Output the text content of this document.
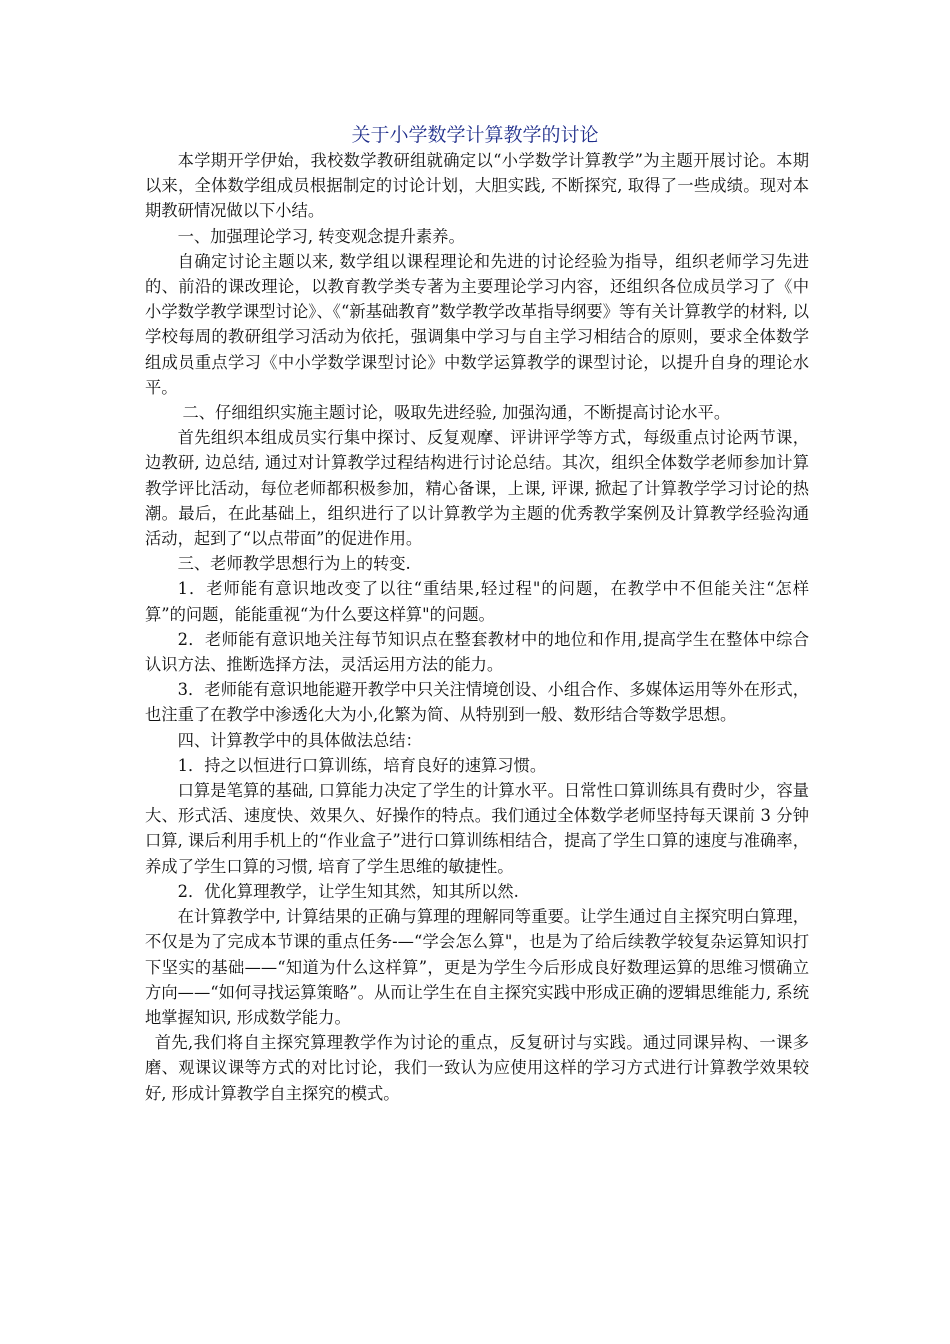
关于小学数学计算教学的讨论

本学期开学伊始，我校数学教研组就确定以“小学数学计算教学”为主题开展讨论。本期以来，全体数学组成员根据制定的讨论计划，大胆实践, 不断探究, 取得了一些成绩。现对本期教研情况做以下小结。

一、加强理论学习, 转变观念提升素养。

自确定讨论主题以来, 数学组以课程理论和先进的讨论经验为指导，组织老师学习先进的、前沿的课改理论，以教育教学类专著为主要理论学习内容，还组织各位成员学习了《中小学数学教学课型讨论》、《“新基础教育”数学教学改革指导纲要》等有关计算教学的材料, 以学校每周的教研组学习活动为依托，强调集中学习与自主学习相结合的原则，要求全体数学组成员重点学习《中小学数学课型讨论》中数学运算教学的课型讨论，以提升自身的理论水平。

二、仔细组织实施主题讨论，吸取先进经验, 加强沟通，不断提高讨论水平。

首先组织本组成员实行集中探讨、反复观摩、评讲评学等方式，每级重点讨论两节课，边教研, 边总结, 通过对计算教学过程结构进行讨论总结。其次，组织全体数学老师参加计算教学评比活动，每位老师都积极参加，精心备课，上课, 评课, 掀起了计算教学学习讨论的热潮。最后，在此基础上，组织进行了以计算教学为主题的优秀教学案例及计算教学经验沟通活动，起到了“以点带面”的促进作用。

三、老师教学思想行为上的转变.

1．老师能有意识地改变了以往“重结果,轻过程"的问题，在教学中不但能关注“怎样算”的问题，能能重视“为什么要这样算"的问题。

2．老师能有意识地关注每节知识点在整套教材中的地位和作用,提高学生在整体中综合认识方法、推断选择方法，灵活运用方法的能力。

3．老师能有意识地能避开教学中只关注情境创设、小组合作、多媒体运用等外在形式，也注重了在教学中渗透化大为小,化繁为简、从特别到一般、数形结合等数学思想。

四、计算教学中的具体做法总结：

1．持之以恒进行口算训练，培育良好的速算习惯。

口算是笔算的基础, 口算能力决定了学生的计算水平。日常性口算训练具有费时少，容量大、形式活、速度快、效果久、好操作的特点。我们通过全体数学老师坚持每天课前 3 分钟口算, 课后利用手机上的“作业盒子”进行口算训练相结合，提高了学生口算的速度与准确率，养成了学生口算的习惯, 培育了学生思维的敏捷性。

2．优化算理教学，让学生知其然，知其所以然.

在计算教学中, 计算结果的正确与算理的理解同等重要。让学生通过自主探究明白算理，不仅是为了完成本节课的重点任务-—“学会怎么算"，也是为了给后续教学较复杂运算知识打下坚实的基础——“知道为什么这样算”，更是为学生今后形成良好数理运算的思维习惯确立方向——“如何寻找运算策略”。从而让学生在自主探究实践中形成正确的逻辑思维能力, 系统地掌握知识, 形成数学能力。

首先,我们将自主探究算理教学作为讨论的重点，反复研讨与实践。通过同课异构、一课多磨、观课议课等方式的对比讨论，我们一致认为应使用这样的学习方式进行计算教学效果较好, 形成计算教学自主探究的模式。
